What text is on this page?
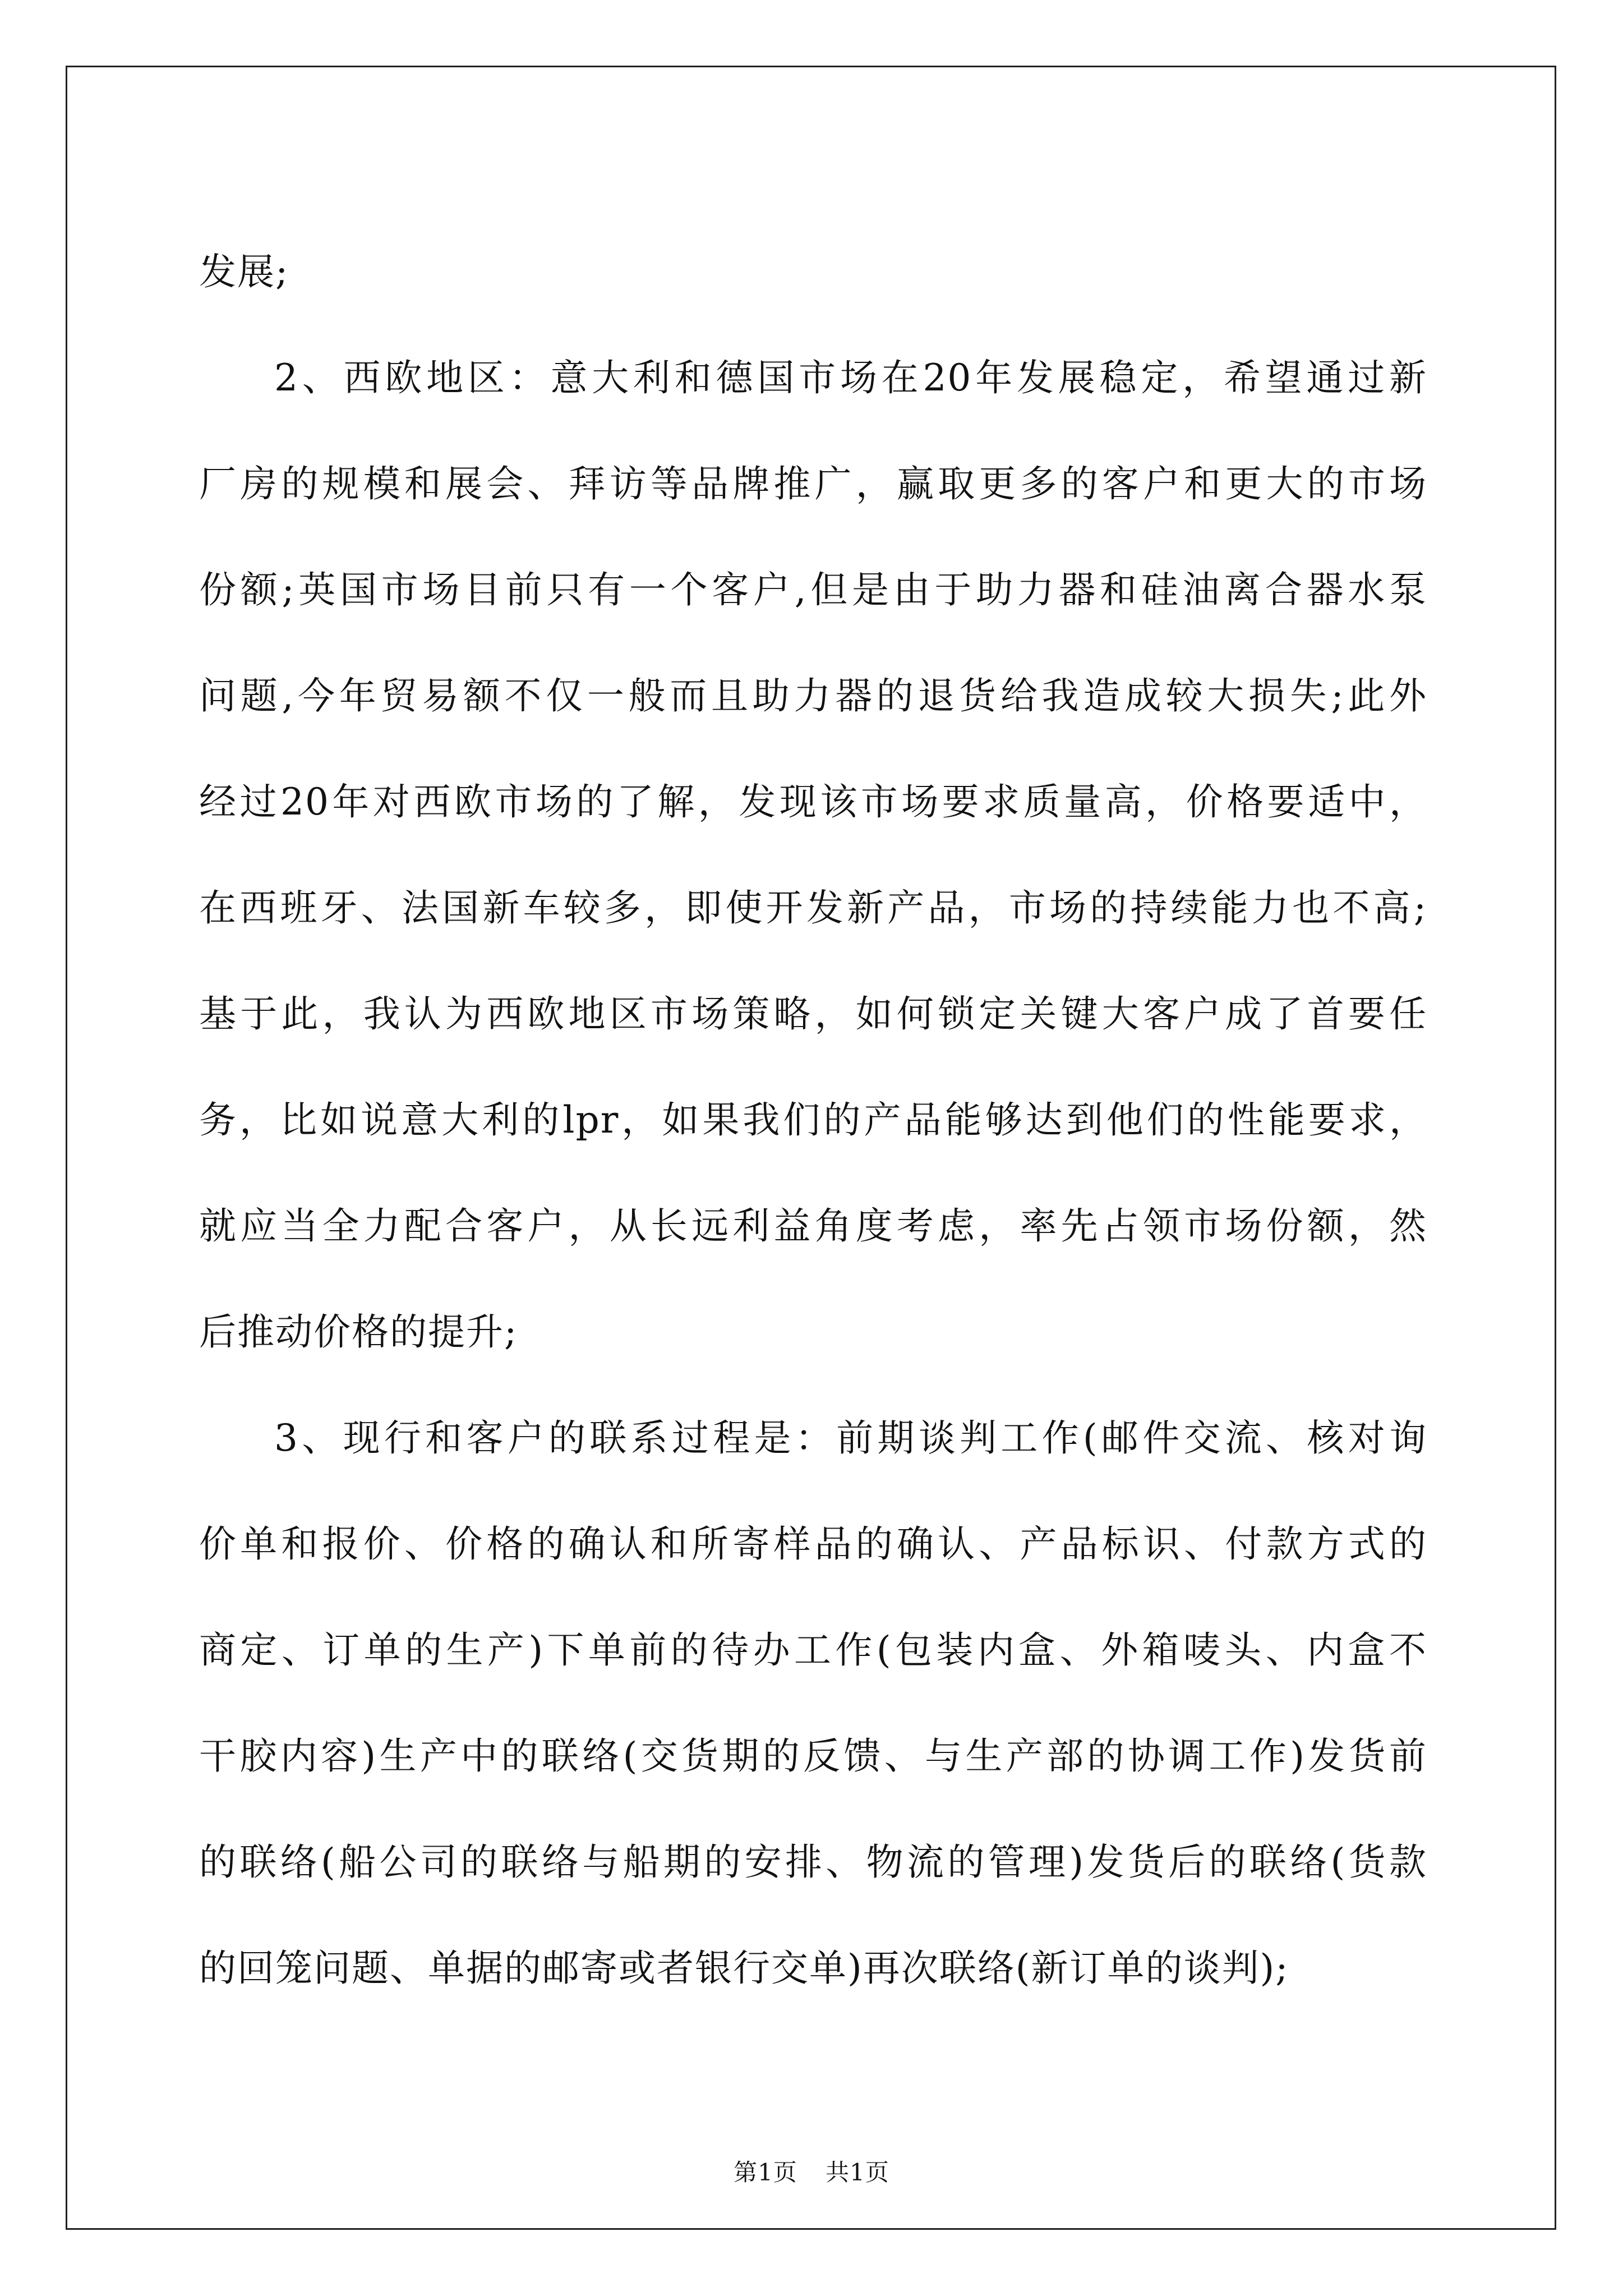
发展;
2、西欧地区：意大利和德国市场在20年发展稳定，希望通过新
厂房的规模和展会、拜访等品牌推广，赢取更多的客户和更大的市场
份额;英国市场目前只有一个客户,但是由于助力器和硅油离合器水泵
问题,今年贸易额不仅一般而且助力器的退货给我造成较大损失;此外
经过20年对西欧市场的了解，发现该市场要求质量高，价格要适中，
在西班牙、法国新车较多，即使开发新产品，市场的持续能力也不高;
基于此，我认为西欧地区市场策略，如何锁定关键大客户成了首要任
务，比如说意大利的lpr，如果我们的产品能够达到他们的性能要求，
就应当全力配合客户，从长远利益角度考虑，率先占领市场份额，然
后推动价格的提升;
3、现行和客户的联系过程是：前期谈判工作(邮件交流、核对询
价单和报价、价格的确认和所寄样品的确认、产品标识、付款方式的
商定、订单的生产)下单前的待办工作(包装内盒、外箱唛头、内盒不
干胶内容)生产中的联络(交货期的反馈、与生产部的协调工作)发货前
的联络(船公司的联络与船期的安排、物流的管理)发货后的联络(货款
的回笼问题、单据的邮寄或者银行交单)再次联络(新订单的谈判);
第1页 共1页
